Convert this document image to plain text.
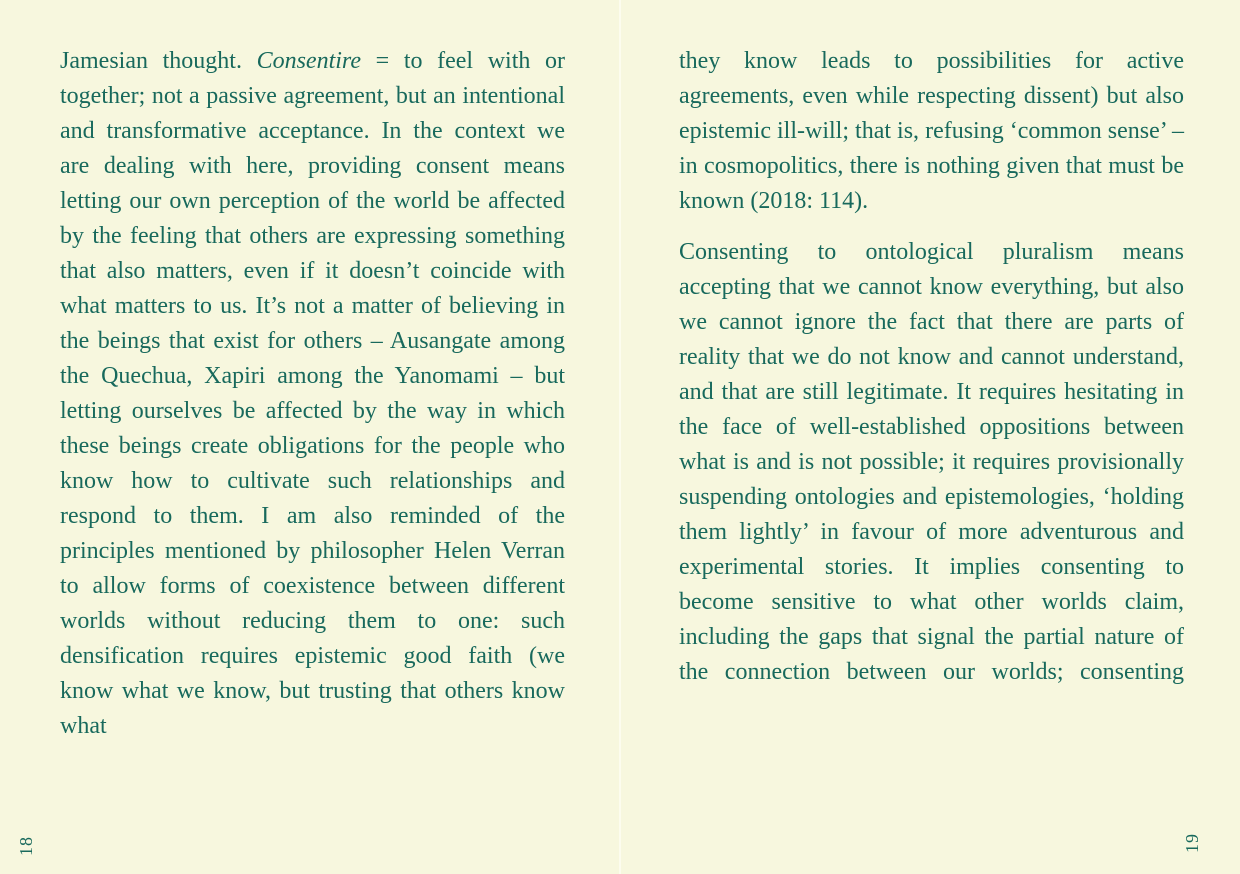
Jamesian thought. Consentire = to feel with or together; not a passive agreement, but an intentional and transformative acceptance. In the context we are dealing with here, providing consent means letting our own perception of the world be affected by the feeling that others are expressing something that also matters, even if it doesn’t coincide with what matters to us. It’s not a matter of believing in the beings that exist for others – Ausangate among the Quechua, Xapiri among the Yanomami – but letting ourselves be affected by the way in which these beings create obligations for the people who know how to cultivate such relationships and respond to them. I am also reminded of the principles mentioned by philosopher Helen Verran to allow forms of coexistence between different worlds without reducing them to one: such densification requires epistemic good faith (we know what we know, but trusting that others know what

they know leads to possibilities for active agreements, even while respecting dissent) but also epistemic ill-will; that is, refusing ‘common sense’ – in cosmopolitics, there is nothing given that must be known (2018: 114).

Consenting to ontological pluralism means accepting that we cannot know everything, but also we cannot ignore the fact that there are parts of reality that we do not know and cannot understand, and that are still legitimate. It requires hesitating in the face of well-established oppositions between what is and is not possible; it requires provisionally suspending ontologies and epistemologies, ‘holding them lightly’ in favour of more adventurous and experimental stories. It implies consenting to become sensitive to what other worlds claim, including the gaps that signal the partial nature of the connection between our worlds; consenting

18	19
